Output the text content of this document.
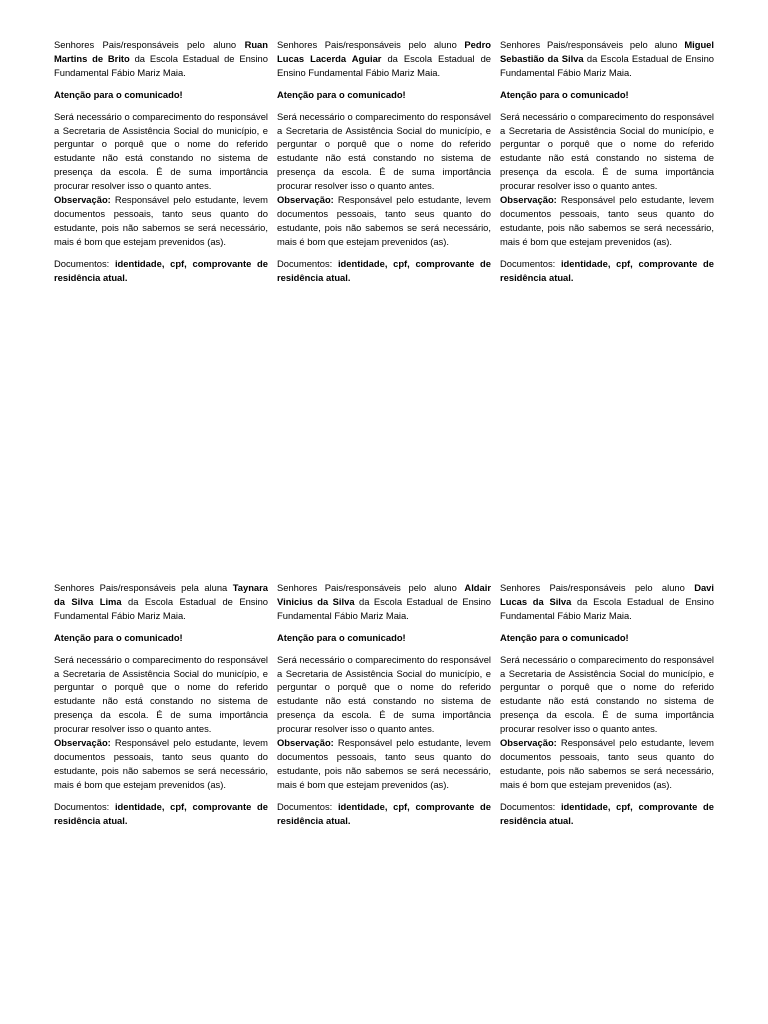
Senhores Pais/responsáveis pelo aluno Ruan Martins de Brito da Escola Estadual de Ensino Fundamental Fábio Mariz Maia.

Atenção para o comunicado!

Será necessário o comparecimento do responsável a Secretaria de Assistência Social do município, e perguntar o porquê que o nome do referido estudante não está constando no sistema de presença da escola. É de suma importância procurar resolver isso o quanto antes.

Observação: Responsável pelo estudante, levem documentos pessoais, tanto seus quanto do estudante, pois não sabemos se será necessário, mais é bom que estejam prevenidos (as).

Documentos: identidade, cpf, comprovante de residência atual.

Senhores Pais/responsáveis pelo aluno Pedro Lucas Lacerda Aguiar da Escola Estadual de Ensino Fundamental Fábio Mariz Maia.

Atenção para o comunicado!

Será necessário o comparecimento do responsável a Secretaria de Assistência Social do município, e perguntar o porquê que o nome do referido estudante não está constando no sistema de presença da escola. É de suma importância procurar resolver isso o quanto antes.

Observação: Responsável pelo estudante, levem documentos pessoais, tanto seus quanto do estudante, pois não sabemos se será necessário, mais é bom que estejam prevenidos (as).

Documentos: identidade, cpf, comprovante de residência atual.

Senhores Pais/responsáveis pelo aluno Miguel Sebastião da Silva da Escola Estadual de Ensino Fundamental Fábio Mariz Maia.

Atenção para o comunicado!

Será necessário o comparecimento do responsável a Secretaria de Assistência Social do município, e perguntar o porquê que o nome do referido estudante não está constando no sistema de presença da escola. É de suma importância procurar resolver isso o quanto antes.

Observação: Responsável pelo estudante, levem documentos pessoais, tanto seus quanto do estudante, pois não sabemos se será necessário, mais é bom que estejam prevenidos (as).

Documentos: identidade, cpf, comprovante de residência atual.

Senhores Pais/responsáveis pela aluna Taynara da Silva Lima da Escola Estadual de Ensino Fundamental Fábio Mariz Maia.

Atenção para o comunicado!

Será necessário o comparecimento do responsável a Secretaria de Assistência Social do município, e perguntar o porquê que o nome do referido estudante não está constando no sistema de presença da escola. É de suma importância procurar resolver isso o quanto antes.

Observação: Responsável pelo estudante, levem documentos pessoais, tanto seus quanto do estudante, pois não sabemos se será necessário, mais é bom que estejam prevenidos (as).

Documentos: identidade, cpf, comprovante de residência atual.

Senhores Pais/responsáveis pelo aluno Aldair Vinicius da Silva da Escola Estadual de Ensino Fundamental Fábio Mariz Maia.

Atenção para o comunicado!

Será necessário o comparecimento do responsável a Secretaria de Assistência Social do município, e perguntar o porquê que o nome do referido estudante não está constando no sistema de presença da escola. É de suma importância procurar resolver isso o quanto antes.

Observação: Responsável pelo estudante, levem documentos pessoais, tanto seus quanto do estudante, pois não sabemos se será necessário, mais é bom que estejam prevenidos (as).

Documentos: identidade, cpf, comprovante de residência atual.

Senhores Pais/responsáveis pelo aluno Davi Lucas da Silva da Escola Estadual de Ensino Fundamental Fábio Mariz Maia.

Atenção para o comunicado!

Será necessário o comparecimento do responsável a Secretaria de Assistência Social do município, e perguntar o porquê que o nome do referido estudante não está constando no sistema de presença da escola. É de suma importância procurar resolver isso o quanto antes.

Observação: Responsável pelo estudante, levem documentos pessoais, tanto seus quanto do estudante, pois não sabemos se será necessário, mais é bom que estejam prevenidos (as).

Documentos: identidade, cpf, comprovante de residência atual.
